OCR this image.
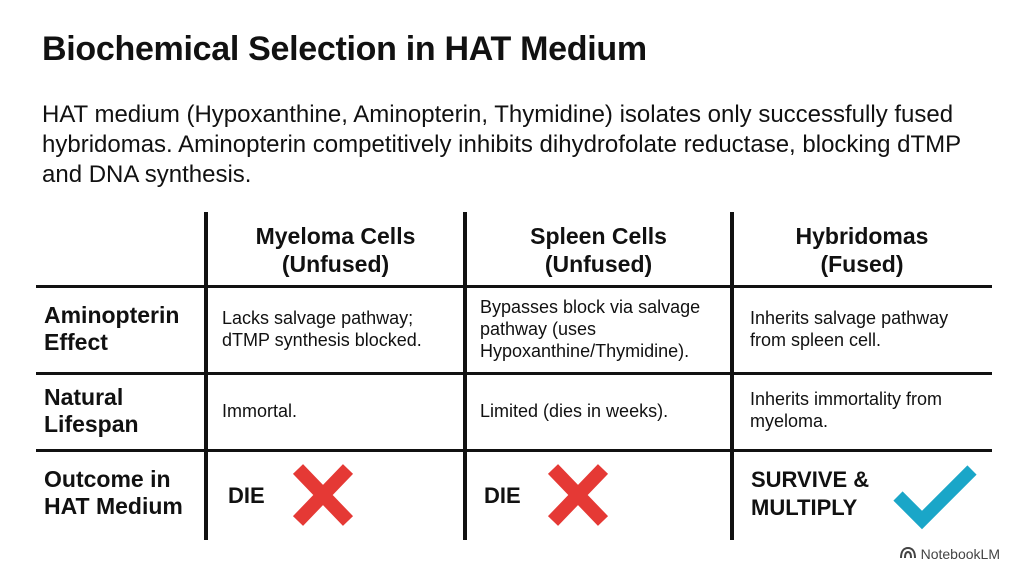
Biochemical Selection in HAT Medium
HAT medium (Hypoxanthine, Aminopterin, Thymidine) isolates only successfully fused hybridomas. Aminopterin competitively inhibits dihydrofolate reductase, blocking dTMP and DNA synthesis.
Myeloma Cells
(Unfused)
Spleen Cells
(Unfused)
Hybridomas
(Fused)
Aminopterin
Effect
Natural
Lifespan
Outcome in
HAT Medium
Lacks salvage pathway; dTMP synthesis blocked.
Bypasses block via salvage pathway (uses Hypoxanthine/Thymidine).
Inherits salvage pathway from spleen cell.
Immortal.	Limited (dies in weeks).
Inherits immortality from myeloma.
DIE	DIE
SURVIVE &
MULTIPLY
NotebookLM
